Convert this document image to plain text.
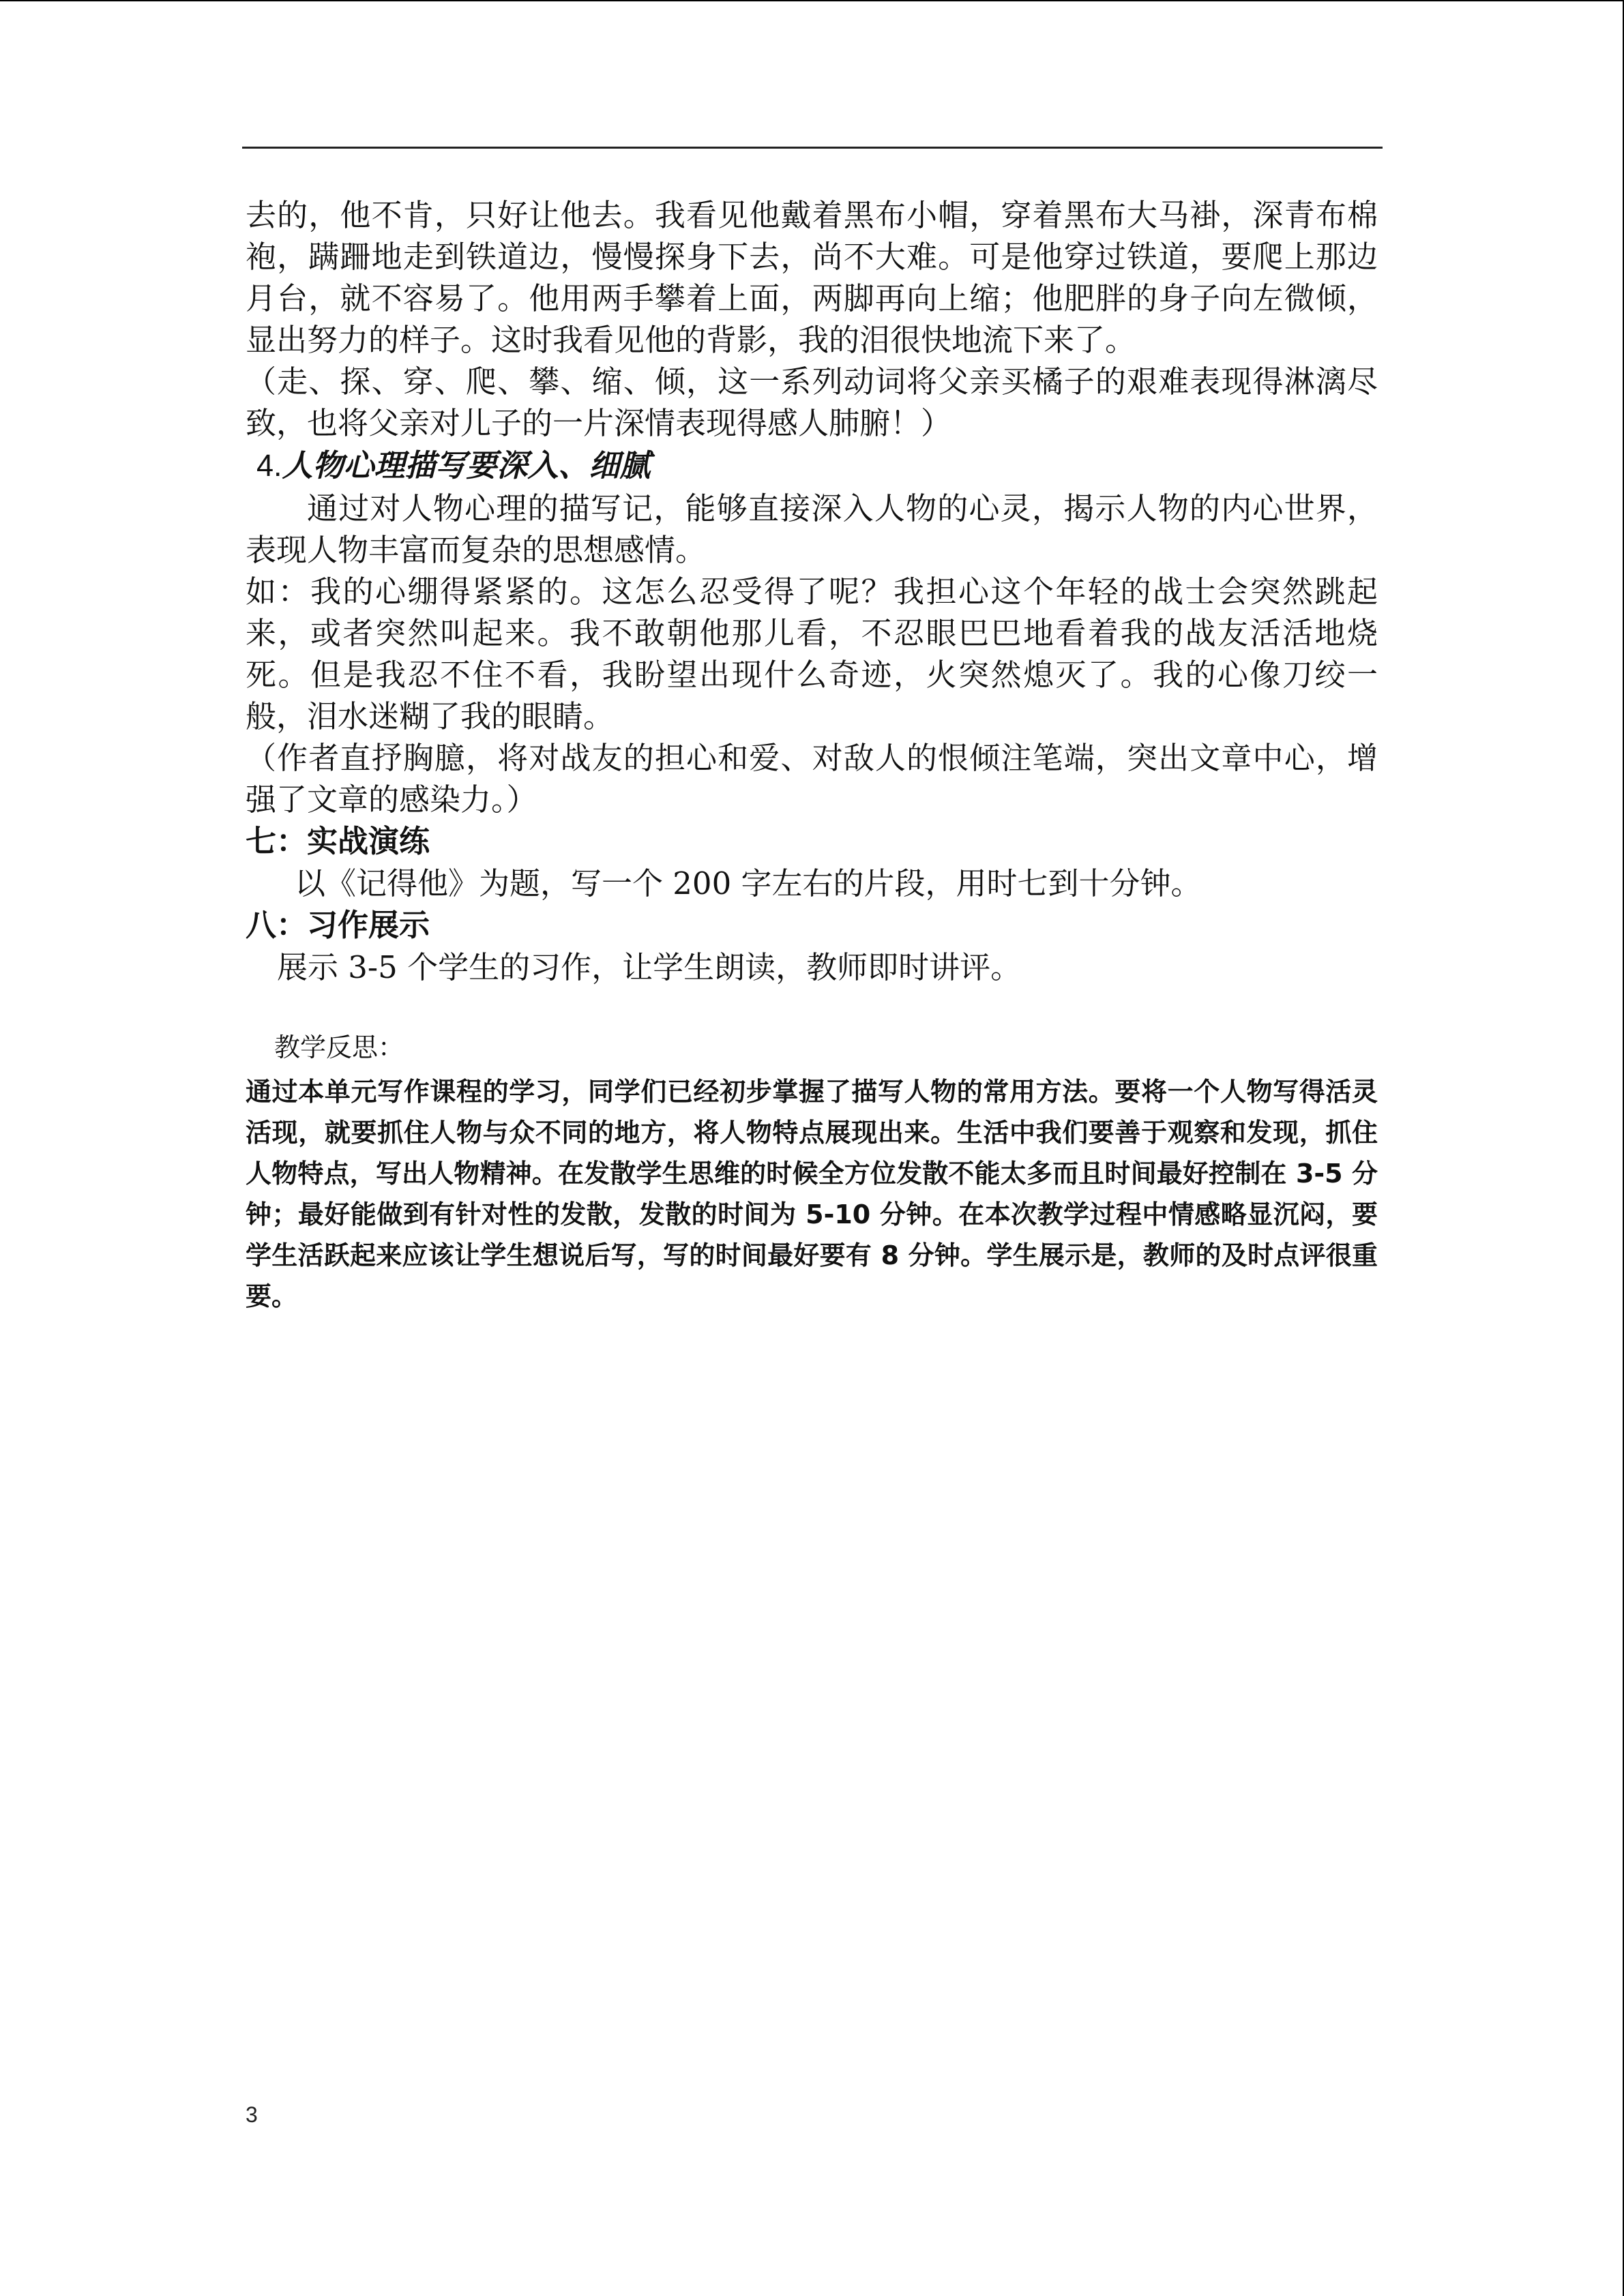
去的，他不肯，只好让他去。我看见他戴着黑布小帽，穿着黑布大马褂，深青布棉袍，蹒跚地走到铁道边，慢慢探身下去，尚不大难。可是他穿过铁道，要爬上那边月台，就不容易了。他用两手攀着上面，两脚再向上缩；他肥胖的身子向左微倾，显出努力的样子。这时我看见他的背影，我的泪很快地流下来了。

（走、探、穿、爬、攀、缩、倾，这一系列动词将父亲买橘子的艰难表现得淋漓尽致，也将父亲对儿子的一片深情表现得感人肺腑！）

4.人物心理描写要深入、细腻

通过对人物心理的描写记，能够直接深入人物的心灵，揭示人物的内心世界，表现人物丰富而复杂的思想感情。

如：我的心绷得紧紧的。这怎么忍受得了呢？我担心这个年轻的战士会突然跳起来，或者突然叫起来。我不敢朝他那儿看，不忍眼巴巴地看着我的战友活活地烧死。但是我忍不住不看，我盼望出现什么奇迹，火突然熄灭了。我的心像刀绞一般，泪水迷糊了我的眼睛。

（作者直抒胸臆，将对战友的担心和爱、对敌人的恨倾注笔端，突出文章中心，增强了文章的感染力。）

七：实战演练

以《记得他》为题，写一个 200 字左右的片段，用时七到十分钟。

八：习作展示

展示 3-5 个学生的习作，让学生朗读，教师即时讲评。

教学反思：

通过本单元写作课程的学习，同学们已经初步掌握了描写人物的常用方法。要将一个人物写得活灵活现，就要抓住人物与众不同的地方，将人物特点展现出来。生活中我们要善于观察和发现，抓住人物特点，写出人物精神。在发散学生思维的时候全方位发散不能太多而且时间最好控制在 3-5 分钟；最好能做到有针对性的发散，发散的时间为 5-10 分钟。在本次教学过程中情感略显沉闷，要学生活跃起来应该让学生想说后写，写的时间最好要有 8 分钟。学生展示是，教师的及时点评很重要。

3
